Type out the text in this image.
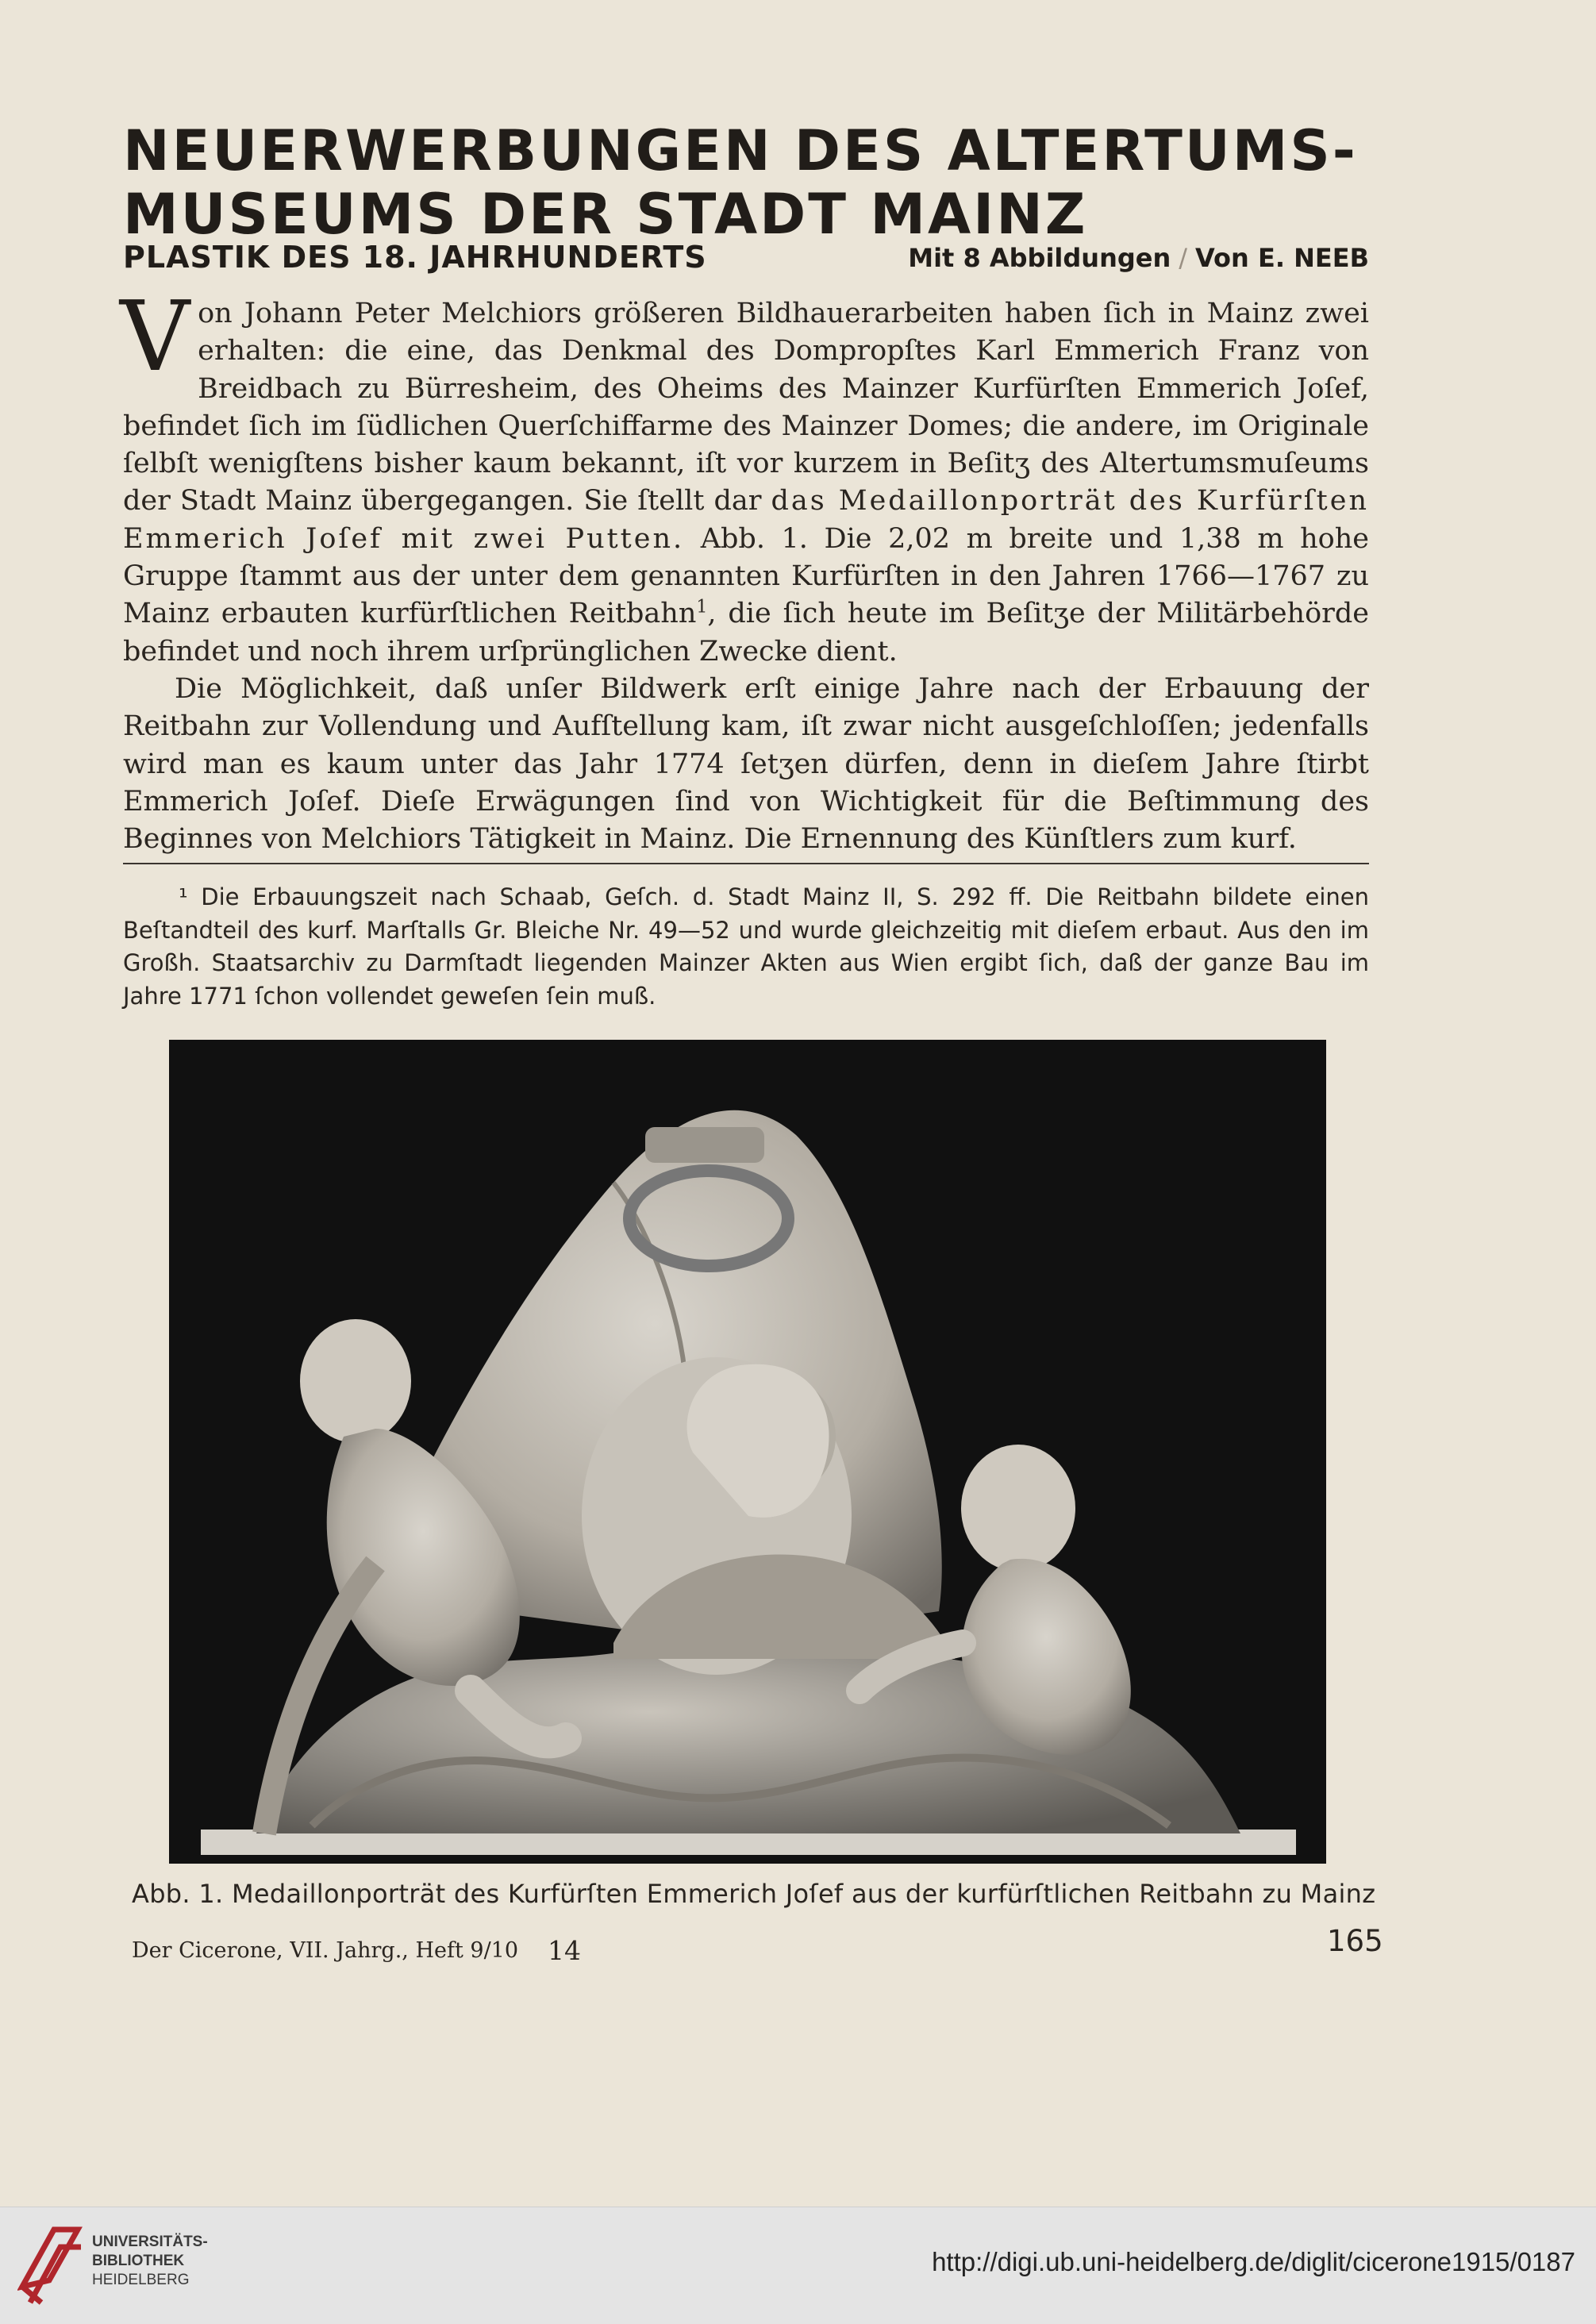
NEUERWERBUNGEN DES ALTERTUMS-
MUSEUMS DER STADT MAINZ
PLASTIK DES 18. JAHRHUNDERTS	Mit 8 Abbildungen / Von E. NEEB

Von Johann Peter Melchiors größeren Bildhauerarbeiten haben ſich in Mainz zwei erhalten: die eine, das Denkmal des Dompropſtes Karl Emmerich Franz von Breidbach zu Bürresheim, des Oheims des Mainzer Kurfürſten Emmerich Joſef, befindet ſich im ſüdlichen Querſchiffarme des Mainzer Domes; die andere, im Originale ſelbſt wenigſtens bisher kaum bekannt, iſt vor kurzem in Beſitʒ des Altertumsmuſeums der Stadt Mainz übergegangen. Sie ſtellt dar das Medaillonporträt des Kurfürſten Emmerich Joſef mit zwei Putten. Abb. 1. Die 2,02 m breite und 1,38 m hohe Gruppe ſtammt aus der unter dem genannten Kurfürſten in den Jahren 1766—1767 zu Mainz erbauten kurfürſtlichen Reitbahn$^1$, die ſich heute im Beſitʒe der Militärbehörde befindet und noch ihrem urſprünglichen Zwecke dient.

Die Möglichkeit, daß unſer Bildwerk erſt einige Jahre nach der Erbauung der Reitbahn zur Vollendung und Aufſtellung kam, iſt zwar nicht ausgeſchloſſen; jedenfalls wird man es kaum unter das Jahr 1774 ſetʒen dürfen, denn in dieſem Jahre ſtirbt Emmerich Joſef. Dieſe Erwägungen ſind von Wichtigkeit für die Beſtimmung des Beginnes von Melchiors Tätigkeit in Mainz. Die Ernennung des Künſtlers zum kurf.

¹ Die Erbauungszeit nach Schaab, Geſch. d. Stadt Mainz II, S. 292 ff. Die Reitbahn bildete einen Beſtandteil des kurf. Marſtalls Gr. Bleiche Nr. 49—52 und wurde gleichzeitig mit dieſem erbaut. Aus den im Großh. Staatsarchiv zu Darmſtadt liegenden Mainzer Akten aus Wien ergibt ſich, daß der ganze Bau im Jahre 1771 ſchon vollendet geweſen ſein muß.

Abb. 1. Medaillonporträt des Kurfürſten Emmerich Joſef aus der kurfürſtlichen Reitbahn zu Mainz
Der Cicerone, VII. Jahrg., Heft 9/10 14	165
UNIVERSITÄTS-
BIBLIOTHEK
HEIDELBERG
http://digi.ub.uni-heidelberg.de/diglit/cicerone1915/0187
